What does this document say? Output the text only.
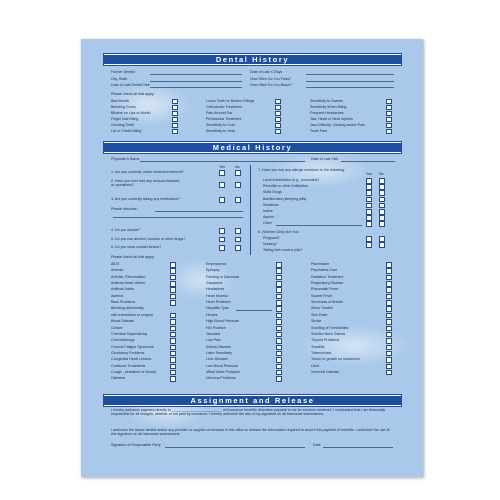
Dental History
Former Dentist	Date of Last X-Rays
City, State	How Often Do You Floss?
Date of Last Dental Visit	How Often Do You Brush?
Please check all that apply:
Bad Breath	Loose Teeth or Broken Fillings	Sensitivity to Sweets
Bleeding Gums	Orthodontic Treatment	Sensitivity When Biting
Blisters on Lips or Mouth	Pain Around Ear	Frequent Headaches
Finger Nail Biting	Periodontal Treatment	Jaw, Head or Neck Injuries
Grinding Teeth	Sensitivity to Cold	Jaw Difficulty: Clicking and/or Pain
Lip or Cheek Biting	Sensitivity to Heat	Tooth Pain
Medical History
Physician's Name	Date of Last Visit
Yes	No
1. Are you currently under medical treatment?
2. Have you ever had any serious illnesses
or operations?
3. Are you currently taking any medication?
Please describe:
4. Do you smoke?
5. Do you use alcohol, cocaine or other drugs?
6. Do you wear contact lenses?
7. Have you had any allergic reactions to the following:
Yes No
Local Anesthetics (e.g., novocaine)
Penicillin or other Antibiotics
Sulfa Drugs
Barbiturates (sleeping pills)
Sedatives
Iodine
Aspirin
Other
8. (Women Only) Are You:
Pregnant?
Nursing?
Taking birth control pills?
Please check all that apply:
AIDS	Emphysema	Pacemaker
Anemia	Epilepsy	Psychiatric Care
Arthritis, Rheumatism	Fainting or Dizziness	Radiation Treatment
Artificial Heart Valves	Glaucoma	Respiratory Disease
Artificial Joints	Headaches	Rheumatic Fever
Asthma	Heart Murmur	Scarlet Fever
Back Problems	Heart Problems	Shortness of Breath
Bleeding abnormally,	Hepatitis Type	Sinus Trouble
with extractions or surgery	Herpes	Skin Rash
Blood Disease	High Blood Pressure	Stroke
Cancer	HIV Positive	Swelling of Feet/Ankles
Chemical Dependency	Jaundice	Swollen Neck Glands
Chemotherapy	Low Pain	Thyroid Problems
Chronic Fatigue Syndrome	Kidney Disease	Tonsilitis
Circulatory Problems	Latex Sensitivity	Tuberculosis
Congenital Heart Lesions	Liver Disease	Tumor or growth on head/neck
Cortisone Treatments	Low Blood Pressure	Ulcer
Cough - persistent or bloody	Mitral Valve Prolapse	Venereal Disease
Diabetes	Nervous Problems
Assignment and Release
I hereby authorize payment directly to _________________________ all insurance benefits otherwise payable to me for services rendered. I understand that I am financially responsible for all charges, whether or not paid by insurance. I hereby authorize the use of my signature on all insurance submissions.
I authorize the above dentist and/or any provider or supplier of services in this office to release the information required to secure the payment of benefits. I authorize the use of this signature on all insurance submissions.
Signature of Responsible Party	Date
